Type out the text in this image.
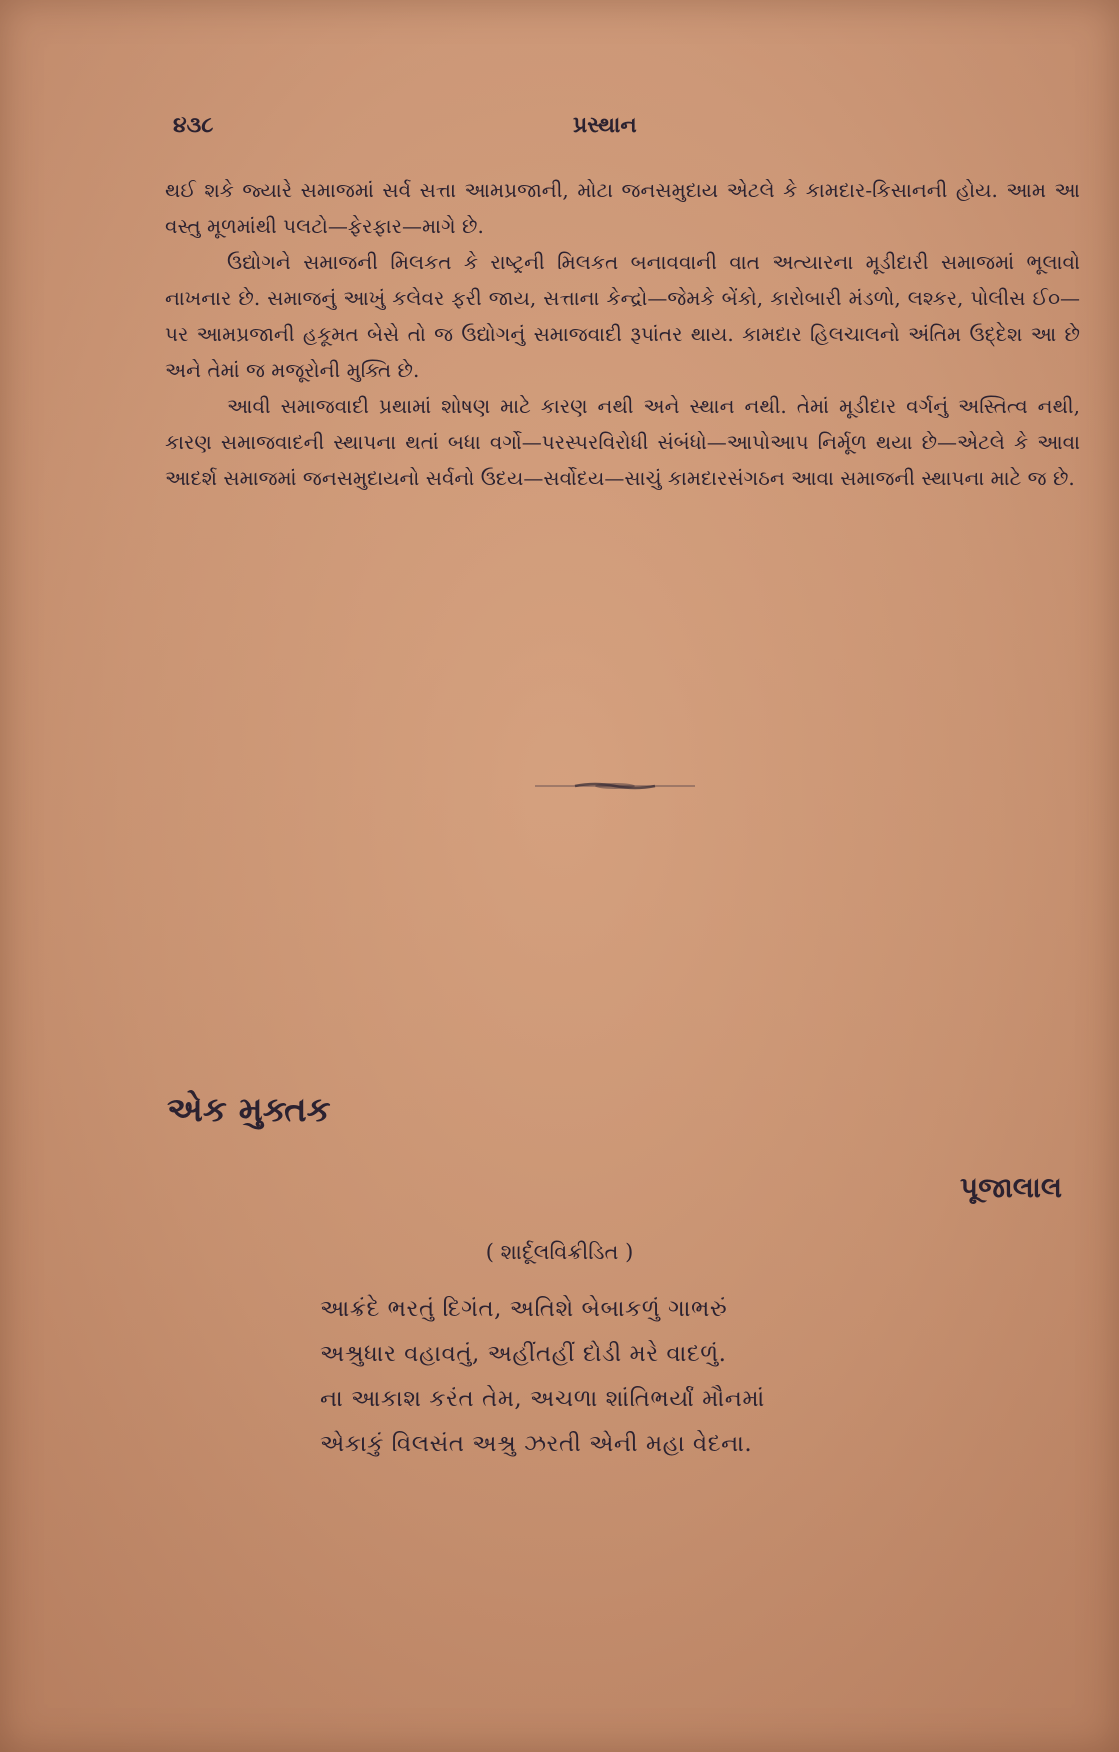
૪૩૮	પ્રસ્થાન

થઈ શકે જ્યારે સમાજમાં સર્વ સત્તા આમપ્રજાની, મોટા જનસમુદાય એટલે કે કામદાર-કિસાનની હોય. આમ આ વસ્તુ મૂળમાંથી પલટો—ફેરફાર—માગે છે.

ઉદ્યોગને સમાજની મિલકત કે રાષ્ટ્રની મિલકત બનાવવાની વાત અત્યારના મૂડીદારી સમાજમાં ભૂલાવો નાખનાર છે. સમાજનું આખું કલેવર ફરી જાય, સત્તાના કેન્દ્રો—જેમકે બેંકો, કારોબારી મંડળો, લશ્કર, પોલીસ ઈ૦—પર આમપ્રજાની હકૂમત બેસે તો જ ઉદ્યોગનું સમાજવાદી રૂપાંતર થાય. કામદાર હિલચાલનો અંતિમ ઉદ્દેશ આ છે અને તેમાં જ મજૂરોની મુક્તિ છે.

આવી સમાજવાદી પ્રથામાં શોષણ માટે કારણ નથી અને સ્થાન નથી. તેમાં મૂડીદાર વર્ગનું અસ્તિત્વ નથી, કારણ સમાજવાદની સ્થાપના થતાં બધા વર્ગો—પરસ્પરવિરોધી સંબંધો—આપોઆપ નિર્મૂળ થયા છે—એટલે કે આવા આદર્શ સમાજમાં જનસમુદાયનો સર્વનો ઉદય—સર્વોદય—સાચું કામદારસંગઠન આવા સમાજની સ્થાપના માટે જ છે.

એક મુક્તક
પૂજાલાલ
( શાર્દૂલવિક્રીડિત )
આક્રંદે ભરતું દિગંત, અતિશે બેબાકળું ગાભરું
અશ્રુધાર વહાવતું, અહીંતહીં દોડી મરે વાદળું.
ના આકાશ કરંત તેમ, અચળા શાંતિભર્યાં મૌનમાં
એકાકું વિલસંત અશ્રુ ઝરતી એની મહા વેદના.
